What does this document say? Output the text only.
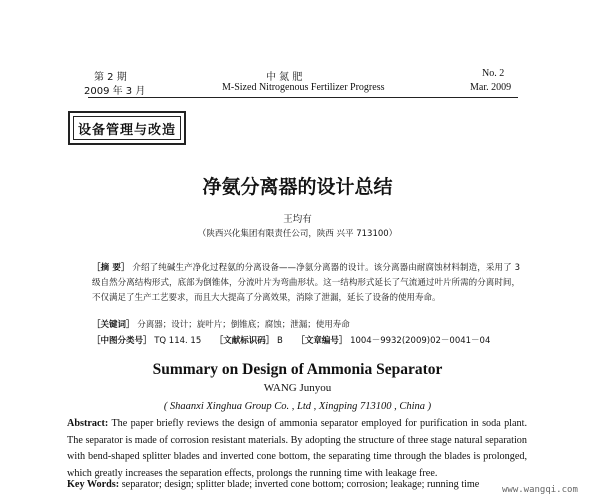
第 2 期
2009 年 3 月
中 氮 肥
M-Sized Nitrogenous Fertilizer Progress
No. 2
Mar. 2009
设备管理与改造
净氨分离器的设计总结
王均有
（陕西兴化集团有限责任公司，陕西 兴平 713100）
［摘 要］ 介绍了纯碱生产净化过程氨的分离设备——净氨分离器的设计。该分离器由耐腐蚀材料制造，采用了 3 级自然分离结构形式，底部为倒锥体，分流叶片为弯曲形状。这一结构形式延长了气流通过叶片所需的分离时间，不仅满足了生产工艺要求，而且大大提高了分离效果，消除了泄漏，延长了设备的使用寿命。
［关键词］ 分离器；设计；旋叶片；倒锥底；腐蚀；泄漏；使用寿命
［中图分类号］ TQ 114. 15 ［文献标识码］ B ［文章编号］ 1004－9932(2009)02－0041－04
Summary on Design of Ammonia Separator
WANG Junyou
( Shaanxi Xinghua Group Co. , Ltd , Xingping 713100 , China )
Abstract: The paper briefly reviews the design of ammonia separator employed for purification in soda plant. The separator is made of corrosion resistant materials. By adopting the structure of three stage natural separation with bend-shaped splitter blades and inverted cone bottom, the separating time through the blades is prolonged, which greatly increases the separation effects, prolongs the running time with leakage free.
Key Words: separator; design; splitter blade; inverted cone bottom; corrosion; leakage; running time	www.wangqi.com
